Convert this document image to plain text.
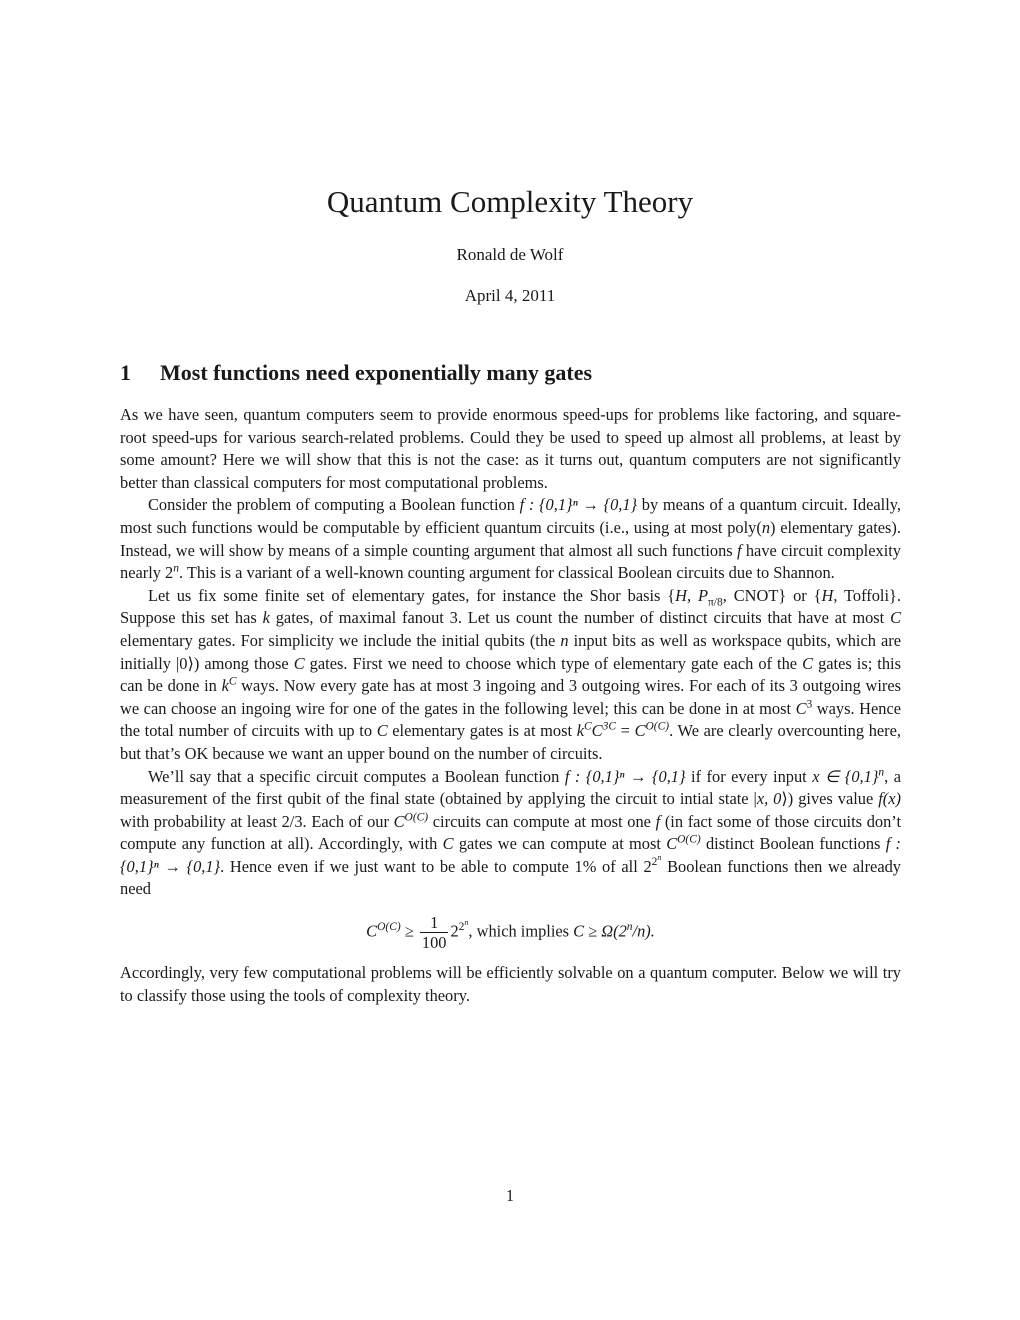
Quantum Complexity Theory
Ronald de Wolf
April 4, 2011
1 Most functions need exponentially many gates

As we have seen, quantum computers seem to provide enormous speed-ups for problems like factoring, and square-root speed-ups for various search-related problems. Could they be used to speed up almost all problems, at least by some amount? Here we will show that this is not the case: as it turns out, quantum computers are not significantly better than classical computers for most computational problems.

Consider the problem of computing a Boolean function f : {0,1}ⁿ → {0,1} by means of a quantum circuit. Ideally, most such functions would be computable by efficient quantum circuits (i.e., using at most poly(n) elementary gates). Instead, we will show by means of a simple counting argument that almost all such functions f have circuit complexity nearly 2$^n$. This is a variant of a well-known counting argument for classical Boolean circuits due to Shannon.

Let us fix some finite set of elementary gates, for instance the Shor basis {H, $P_{\pi/8}$, CNOT} or {H, Toffoli}. Suppose this set has k gates, of maximal fanout 3. Let us count the number of distinct circuits that have at most C elementary gates. For simplicity we include the initial qubits (the n input bits as well as workspace qubits, which are initially |0⟩) among those C gates. First we need to choose which type of elementary gate each of the C gates is; this can be done in $k^C$ ways. Now every gate has at most 3 ingoing and 3 outgoing wires. For each of its 3 outgoing wires we can choose an ingoing wire for one of the gates in the following level; this can be done in at most $C^3$ ways. Hence the total number of circuits with up to C elementary gates is at most $k^CC^{3C} = C^{O(C)}$. We are clearly overcounting here, but that’s OK because we want an upper bound on the number of circuits.

We’ll say that a specific circuit computes a Boolean function f : {0,1}ⁿ → {0,1} if for every input x ∈ $\{0,1\}^n$, a measurement of the first qubit of the final state (obtained by applying the circuit to intial state |x, 0⟩) gives value f(x) with probability at least 2/3. Each of our $C^{O(C)}$ circuits can compute at most one f (in fact some of those circuits don’t compute any function at all). Accordingly, with C gates we can compute at most $C^{O(C)}$ distinct Boolean functions f : {0,1}ⁿ → {0,1}. Hence even if we just want to be able to compute 1% of all $2^{2^n}$ Boolean functions then we already need

$C^{O(C)} \ge \frac{1}{100} 2^{2^n}$, which implies $C \ge \Omega(2^n/n)$.

Accordingly, very few computational problems will be efficiently solvable on a quantum computer. Below we will try to classify those using the tools of complexity theory.

1
